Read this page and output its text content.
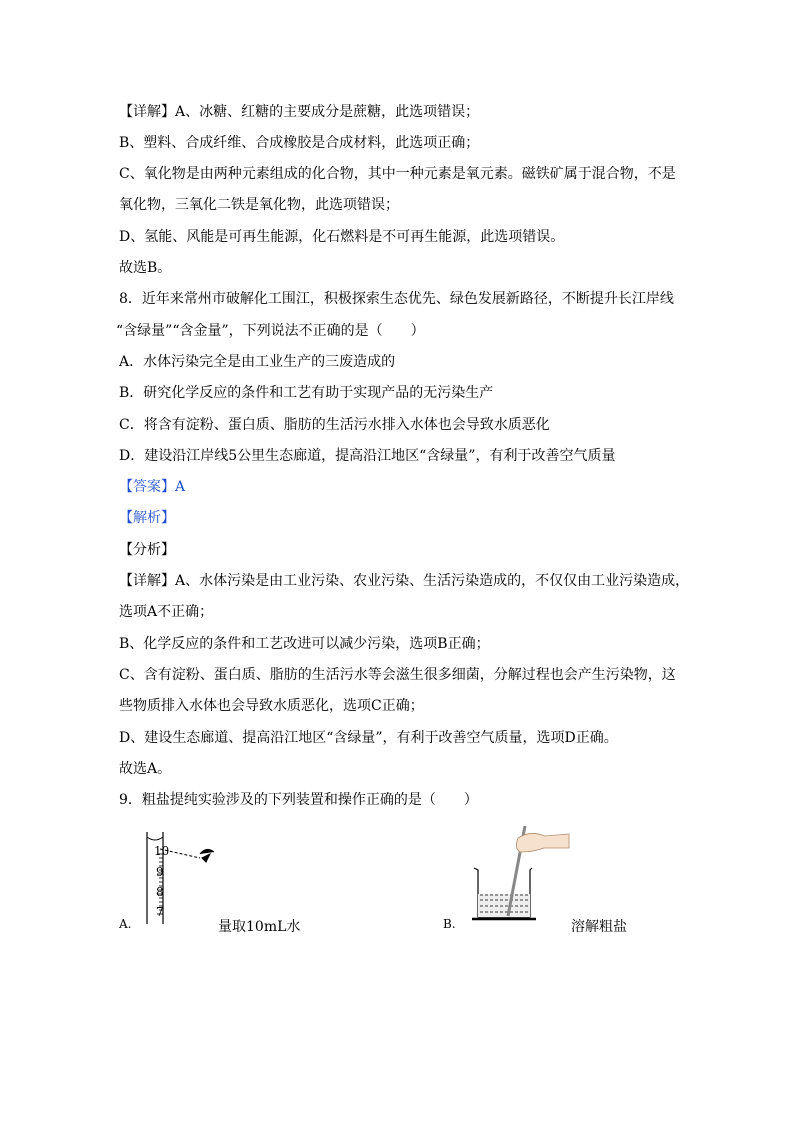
【详解】A、冰糖、红糖的主要成分是蔗糖，此选项错误；
B、塑料、合成纤维、合成橡胶是合成材料，此选项正确；
C、氧化物是由两种元素组成的化合物，其中一种元素是氧元素。磁铁矿属于混合物，不是
氧化物，三氧化二铁是氧化物，此选项错误；
D、氢能、风能是可再生能源，化石燃料是不可再生能源，此选项错误。
故选B。
8．近年来常州市破解化工围江，积极探索生态优先、绿色发展新路径，不断提升长江岸线
“含绿量”“含金量”，下列说法不正确的是（　　）
A．水体污染完全是由工业生产的三废造成的
B．研究化学反应的条件和工艺有助于实现产品的无污染生产
C．将含有淀粉、蛋白质、脂肪的生活污水排入水体也会导致水质恶化
D．建设沿江岸线5公里生态廊道，提高沿江地区“含绿量”，有利于改善空气质量
【答案】A
【解析】
【分析】
【详解】A、水体污染是由工业污染、农业污染、生活污染造成的，不仅仅由工业污染造成，
选项A不正确；
B、化学反应的条件和工艺改进可以减少污染，选项B正确；
C、含有淀粉、蛋白质、脂肪的生活污水等会滋生很多细菌，分解过程也会产生污染物，这
些物质排入水体也会导致水质恶化，选项C正确；
D、建设生态廊道、提高沿江地区“含绿量”，有利于改善空气质量，选项D正确。
故选A。
9．粗盐提纯实验涉及的下列装置和操作正确的是（　　）
A.
10
9
8
7
量取10mL水	B.	溶解粗盐
